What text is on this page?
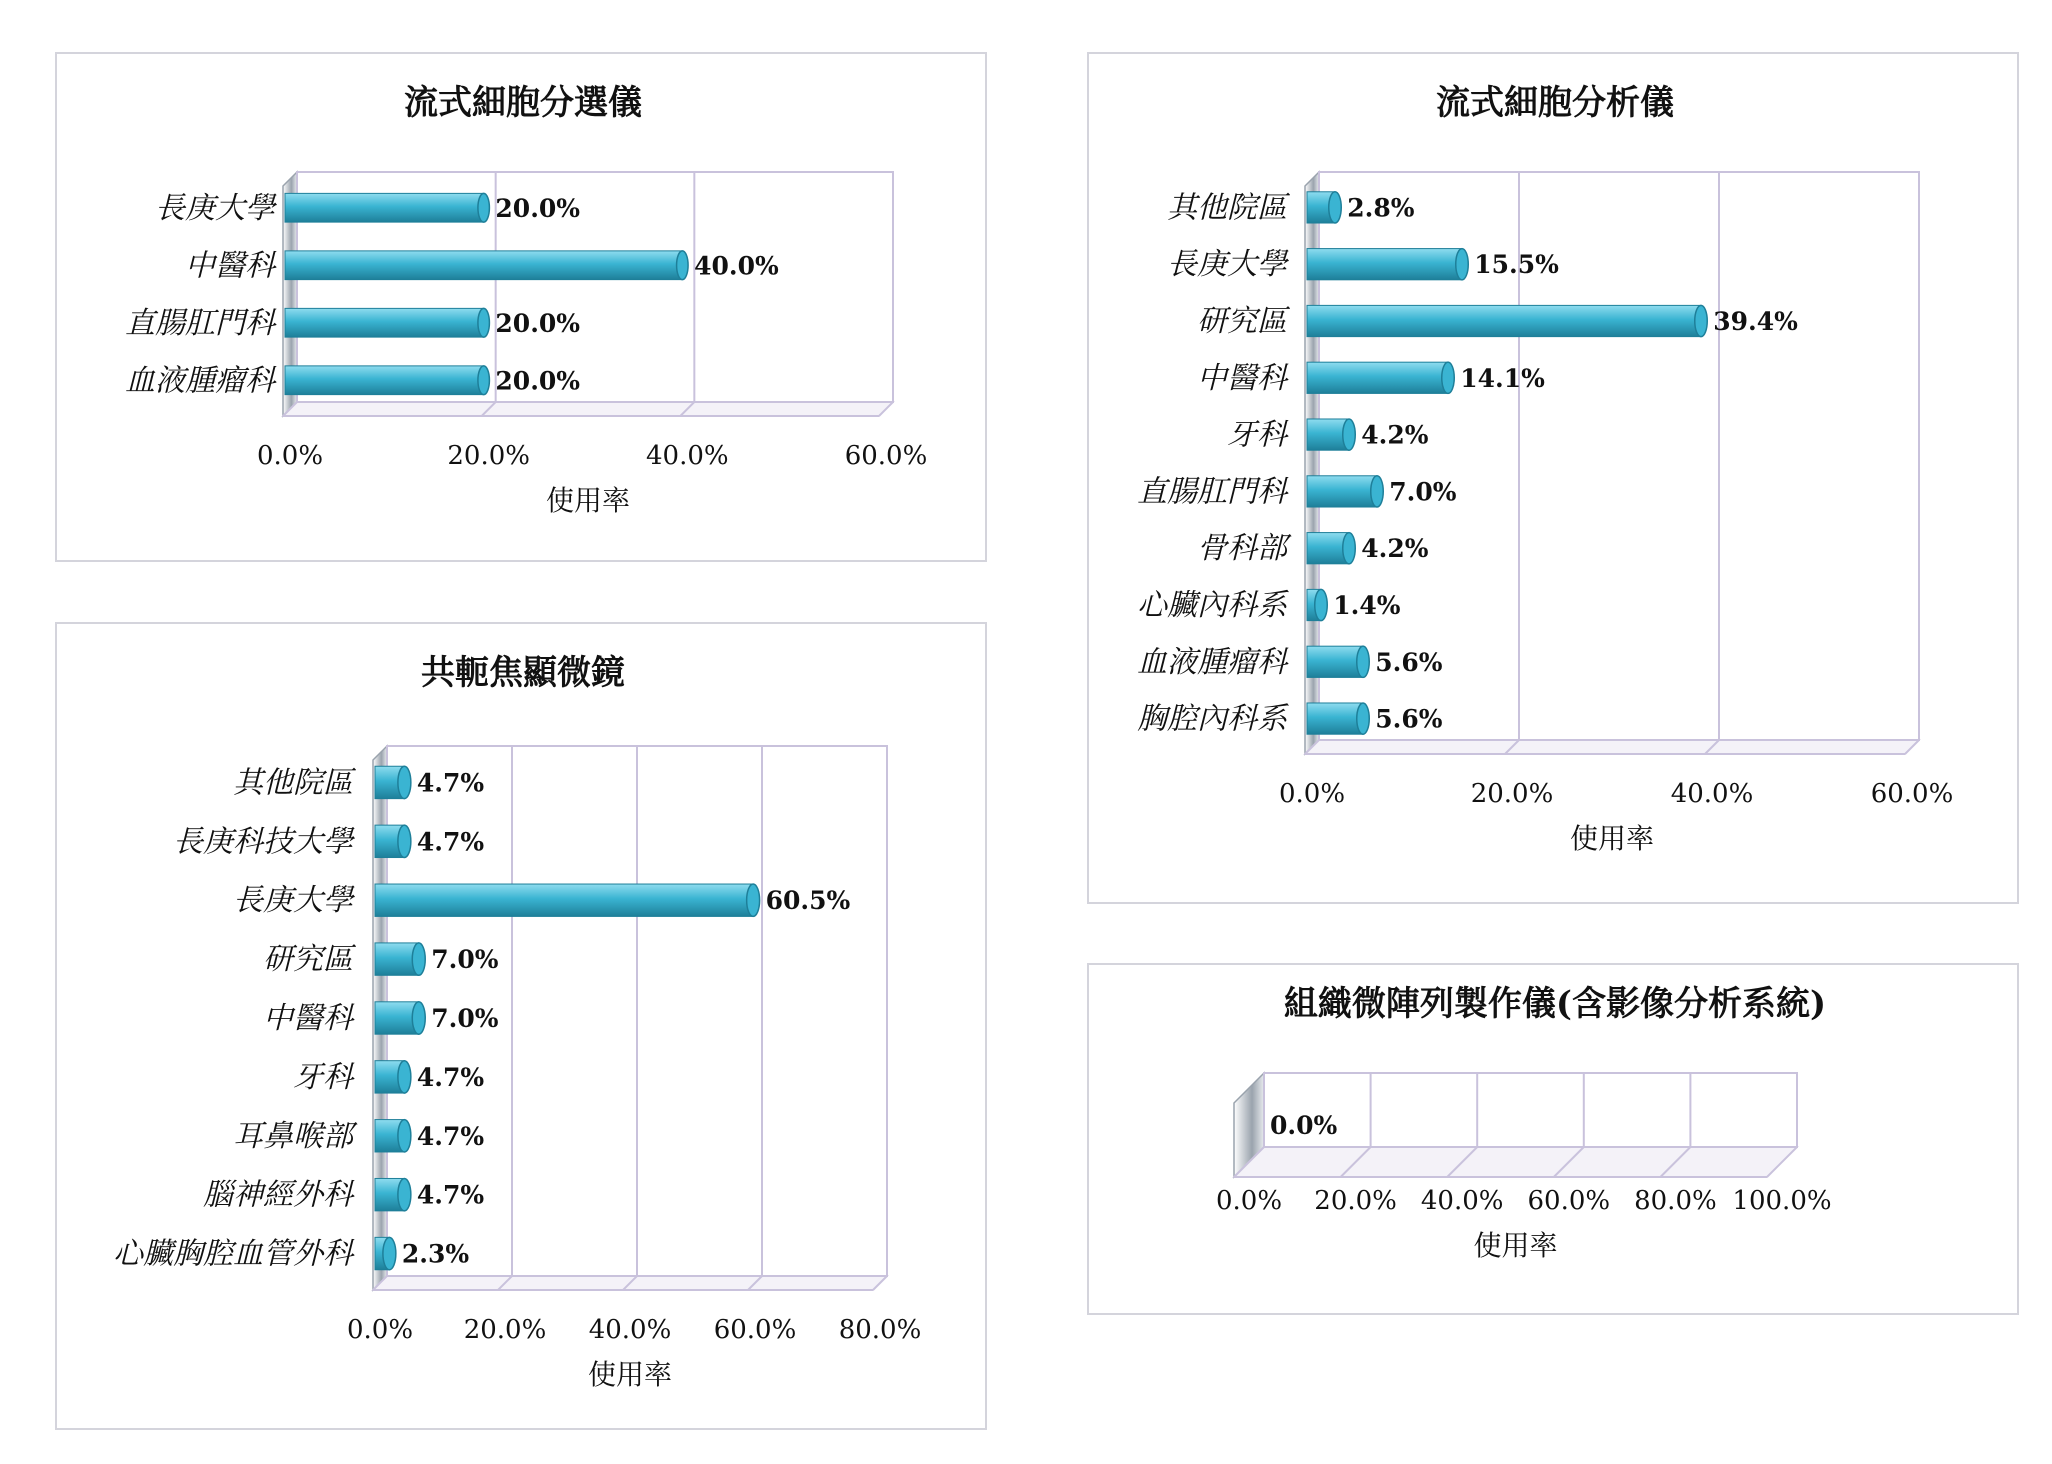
流式細胞分選儀
0.0%	20.0%	40.0%	60.0%
長庚大學	20.0%
中醫科	40.0%
直腸肛門科	20.0%
血液腫瘤科	20.0%
使用率
流式細胞分析儀
0.0%	20.0%	40.0%	60.0%
其他院區 2.8%
長庚大學	15.5%
研究區	39.4%
中醫科	14.1%
牙科	4.2%
直腸肛門科	7.0%
骨科部	4.2%
心臟內科系 1.4%
血液腫瘤科	5.6%
胸腔內科系	5.6%
使用率
共軛焦顯微鏡
0.0% 20.0% 40.0% 60.0% 80.0%
其他院區	4.7%
長庚科技大學	4.7%
長庚大學	60.5%
研究區	7.0%
中醫科	7.0%
牙科	4.7%
耳鼻喉部	4.7%
腦神經外科	4.7%
心臟胸腔血管外科 2.3%
使用率
組織微陣列製作儀(含影像分析系統)
0.0% 20.0% 40.0% 60.0% 80.0% 100.0%
0.0%
使用率
